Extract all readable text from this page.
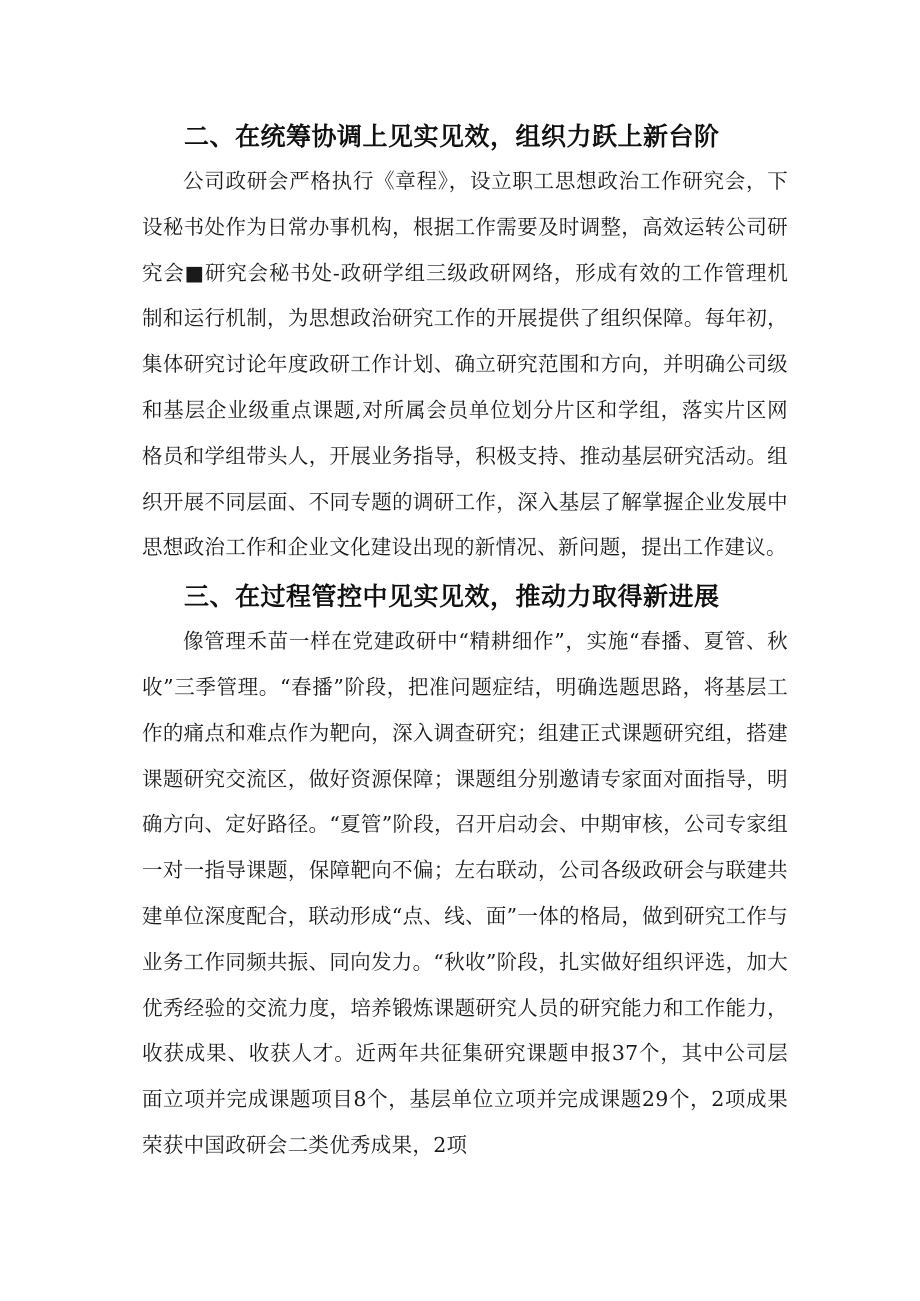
二、在统筹协调上见实见效，组织力跃上新台阶

公司政研会严格执行《章程》，设立职工思想政治工作研究会，下设秘书处作为日常办事机构，根据工作需要及时调整，高效运转公司研究会■研究会秘书处-政研学组三级政研网络，形成有效的工作管理机制和运行机制，为思想政治研究工作的开展提供了组织保障。每年初，集体研究讨论年度政研工作计划、确立研究范围和方向，并明确公司级和基层企业级重点课题,对所属会员单位划分片区和学组，落实片区网格员和学组带头人，开展业务指导，积极支持、推动基层研究活动。组织开展不同层面、不同专题的调研工作，深入基层了解掌握企业发展中思想政治工作和企业文化建设出现的新情况、新问题，提出工作建议。

三、在过程管控中见实见效，推动力取得新进展

像管理禾苗一样在党建政研中“精耕细作”，实施“春播、夏管、秋收”三季管理。“春播”阶段，把准问题症结，明确选题思路，将基层工作的痛点和难点作为靶向，深入调查研究；组建正式课题研究组，搭建课题研究交流区，做好资源保障；课题组分别邀请专家面对面指导，明确方向、定好路径。“夏管”阶段，召开启动会、中期审核，公司专家组一对一指导课题，保障靶向不偏；左右联动，公司各级政研会与联建共建单位深度配合，联动形成“点、线、面”一体的格局，做到研究工作与业务工作同频共振、同向发力。“秋收”阶段，扎实做好组织评选，加大优秀经验的交流力度，培养锻炼课题研究人员的研究能力和工作能力，收获成果、收获人才。近两年共征集研究课题申报37个，其中公司层面立项并完成课题项目8个，基层单位立项并完成课题29个，2项成果荣获中国政研会二类优秀成果，2项
